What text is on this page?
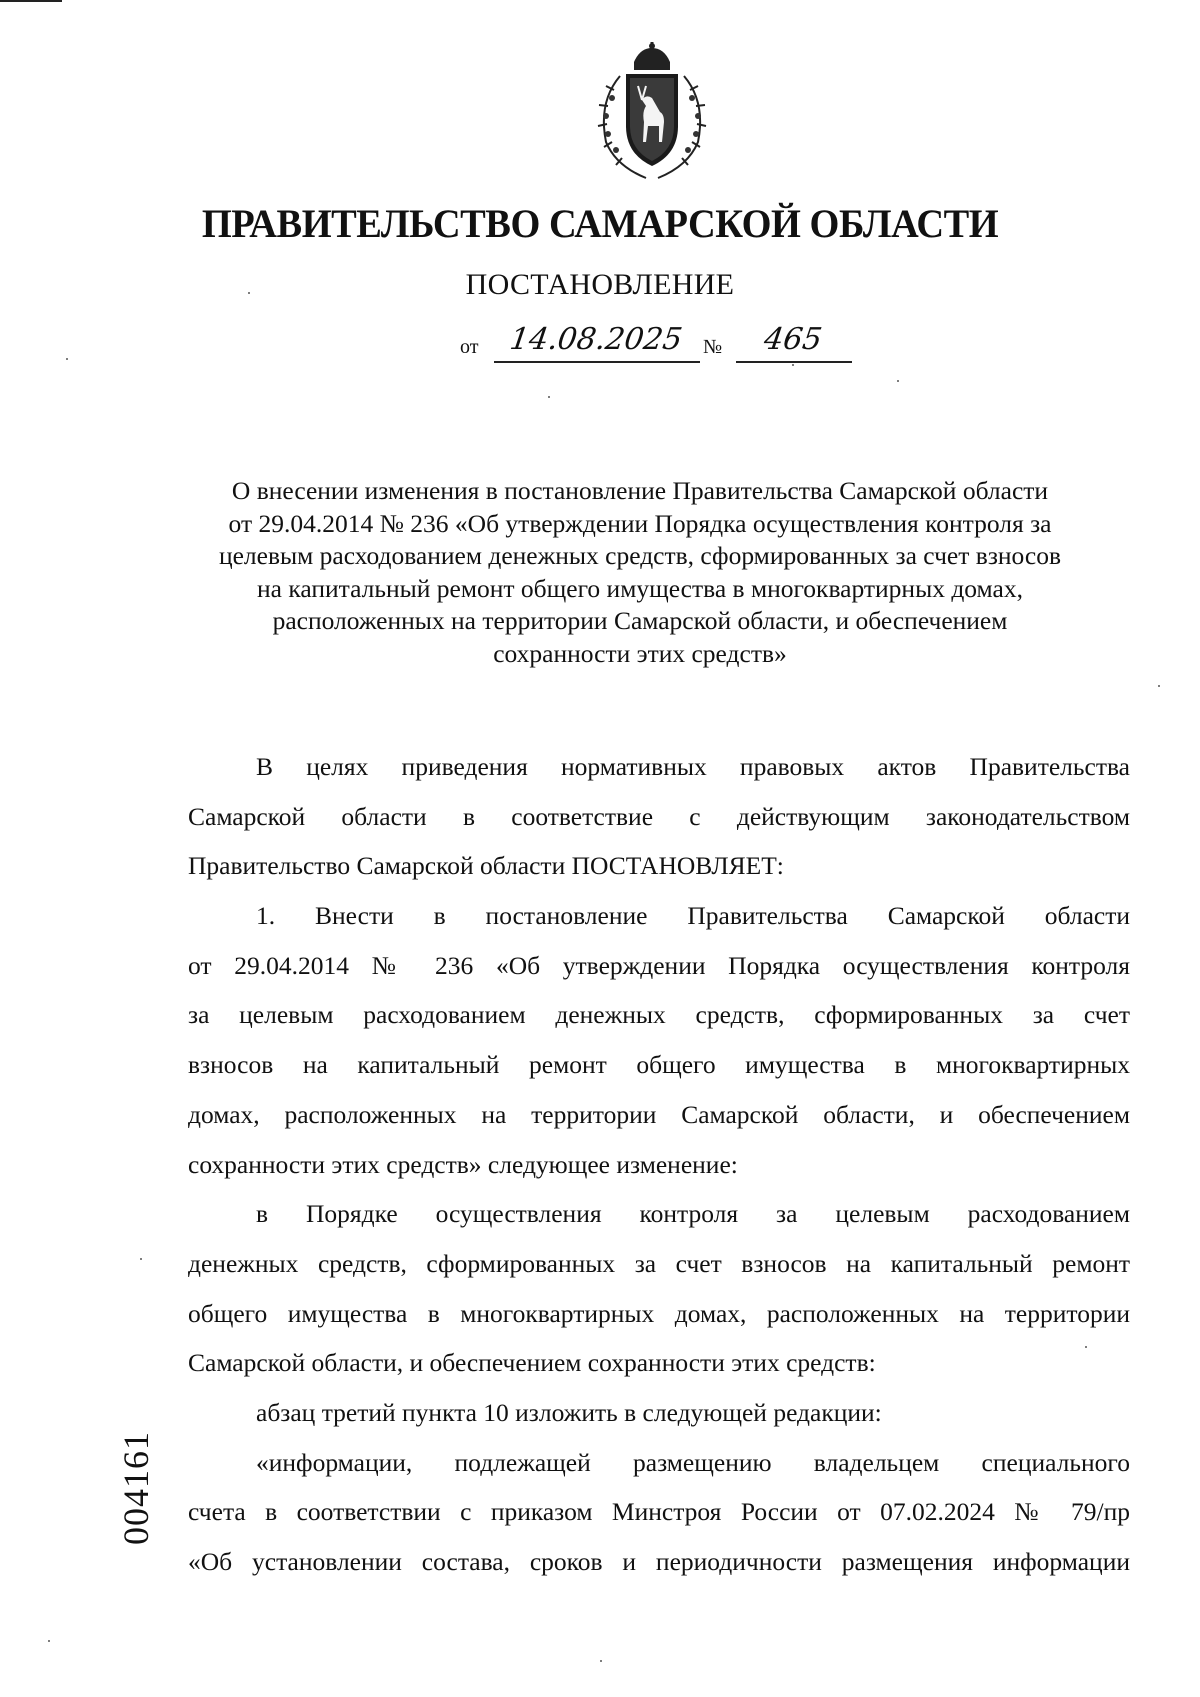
ПРАВИТЕЛЬСТВО САМАРСКОЙ ОБЛАСТИ
ПОСТАНОВЛЕНИЕ
от 14.08.2025 №	465
О внесении изменения в постановление Правительства Самарской области
от 29.04.2014 № 236 «Об утверждении Порядка осуществления контроля за
целевым расходованием денежных средств, сформированных за счет взносов
на капитальный ремонт общего имущества в многоквартирных домах,
расположенных на территории Самарской области, и обеспечением
сохранности этих средств»
В целях приведения нормативных правовых актов Правительства
Самарской области в соответствие с действующим законодательством
Правительство Самарской области ПОСТАНОВЛЯЕТ:
1. Внести в постановление Правительства Самарской области
от 29.04.2014 № 236 «Об утверждении Порядка осуществления контроля
за целевым расходованием денежных средств, сформированных за счет
взносов на капитальный ремонт общего имущества в многоквартирных
домах, расположенных на территории Самарской области, и обеспечением
сохранности этих средств» следующее изменение:
в Порядке осуществления контроля за целевым расходованием
денежных средств, сформированных за счет взносов на капитальный ремонт
общего имущества в многоквартирных домах, расположенных на территории
Самарской области, и обеспечением сохранности этих средств:
абзац третий пункта 10 изложить в следующей редакции:
«информации, подлежащей размещению владельцем специального
счета в соответствии с приказом Минстроя России от 07.02.2024 № 79/пр
«Об установлении состава, сроков и периодичности размещения информации
004161
